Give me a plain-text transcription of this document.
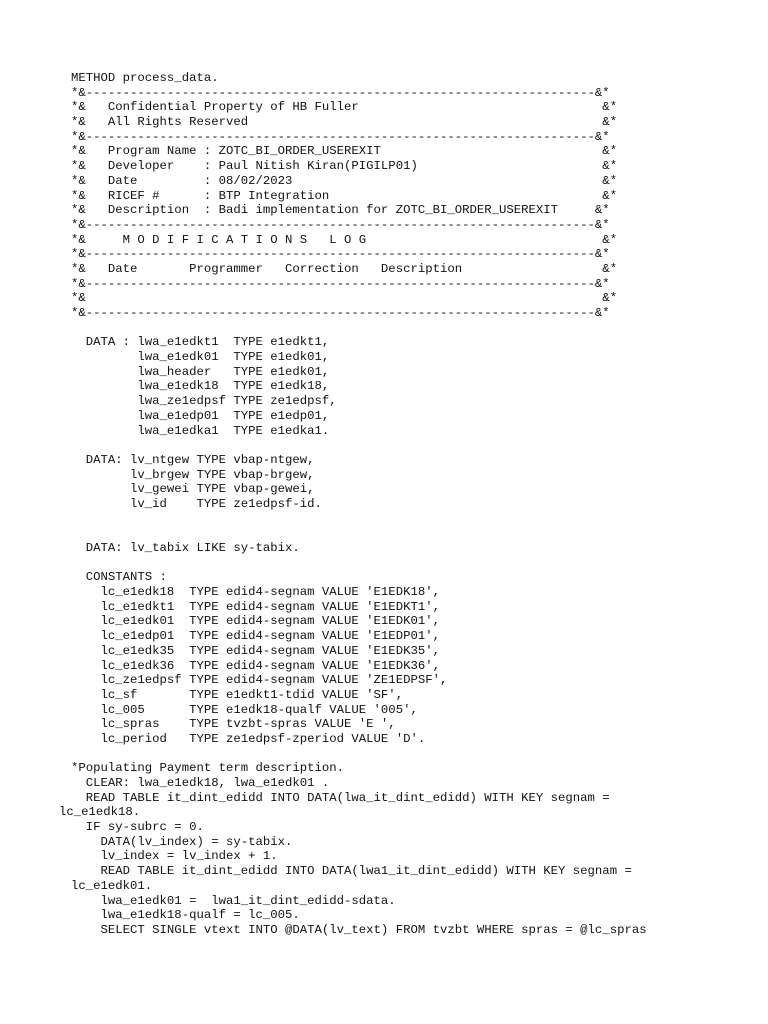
METHOD process_data.
*&---------------------------------------------------------------------&*
*&   Confidential Property of HB Fuller                                 &*
*&   All Rights Reserved                                                &*
*&---------------------------------------------------------------------&*
*&   Program Name : ZOTC_BI_ORDER_USEREXIT                              &*
*&   Developer    : Paul Nitish Kiran(PIGILP01)                         &*
*&   Date         : 08/02/2023                                          &*
*&   RICEF #      : BTP Integration                                     &*
*&   Description  : Badi implementation for ZOTC_BI_ORDER_USEREXIT     &*
*&---------------------------------------------------------------------&*
*&     M O D I F I C A T I O N S   L O G                                &*
*&---------------------------------------------------------------------&*
*&   Date       Programmer   Correction   Description                   &*
*&---------------------------------------------------------------------&*
*&                                                                      &*
*&---------------------------------------------------------------------&*
DATA : lwa_e1edkt1  TYPE e1edkt1,
lwa_e1edk01  TYPE e1edk01,
lwa_header   TYPE e1edk01,
lwa_e1edk18  TYPE e1edk18,
lwa_ze1edpsf TYPE ze1edpsf,
lwa_e1edp01  TYPE e1edp01,
lwa_e1edka1  TYPE e1edka1.
DATA: lv_ntgew TYPE vbap-ntgew,
lv_brgew TYPE vbap-brgew,
lv_gewei TYPE vbap-gewei,
lv_id    TYPE ze1edpsf-id.
DATA: lv_tabix LIKE sy-tabix.
CONSTANTS :
lc_e1edk18  TYPE edid4-segnam VALUE 'E1EDK18',
lc_e1edkt1  TYPE edid4-segnam VALUE 'E1EDKT1',
lc_e1edk01  TYPE edid4-segnam VALUE 'E1EDK01',
lc_e1edp01  TYPE edid4-segnam VALUE 'E1EDP01',
lc_e1edk35  TYPE edid4-segnam VALUE 'E1EDK35',
lc_e1edk36  TYPE edid4-segnam VALUE 'E1EDK36',
lc_ze1edpsf TYPE edid4-segnam VALUE 'ZE1EDPSF',
lc_sf       TYPE e1edkt1-tdid VALUE 'SF',
lc_005      TYPE e1edk18-qualf VALUE '005',
lc_spras    TYPE tvzbt-spras VALUE 'E ',
lc_period   TYPE ze1edpsf-zperiod VALUE 'D'.
*Populating Payment term description.
CLEAR: lwa_e1edk18, lwa_e1edk01 .
READ TABLE it_dint_edidd INTO DATA(lwa_it_dint_edidd) WITH KEY segnam =
lc_e1edk18.
IF sy-subrc = 0.
DATA(lv_index) = sy-tabix.
lv_index = lv_index + 1.
READ TABLE it_dint_edidd INTO DATA(lwa1_it_dint_edidd) WITH KEY segnam =
lc_e1edk01.
lwa_e1edk01 =  lwa1_it_dint_edidd-sdata.
lwa_e1edk18-qualf = lc_005.
SELECT SINGLE vtext INTO @DATA(lv_text) FROM tvzbt WHERE spras = @lc_spras
